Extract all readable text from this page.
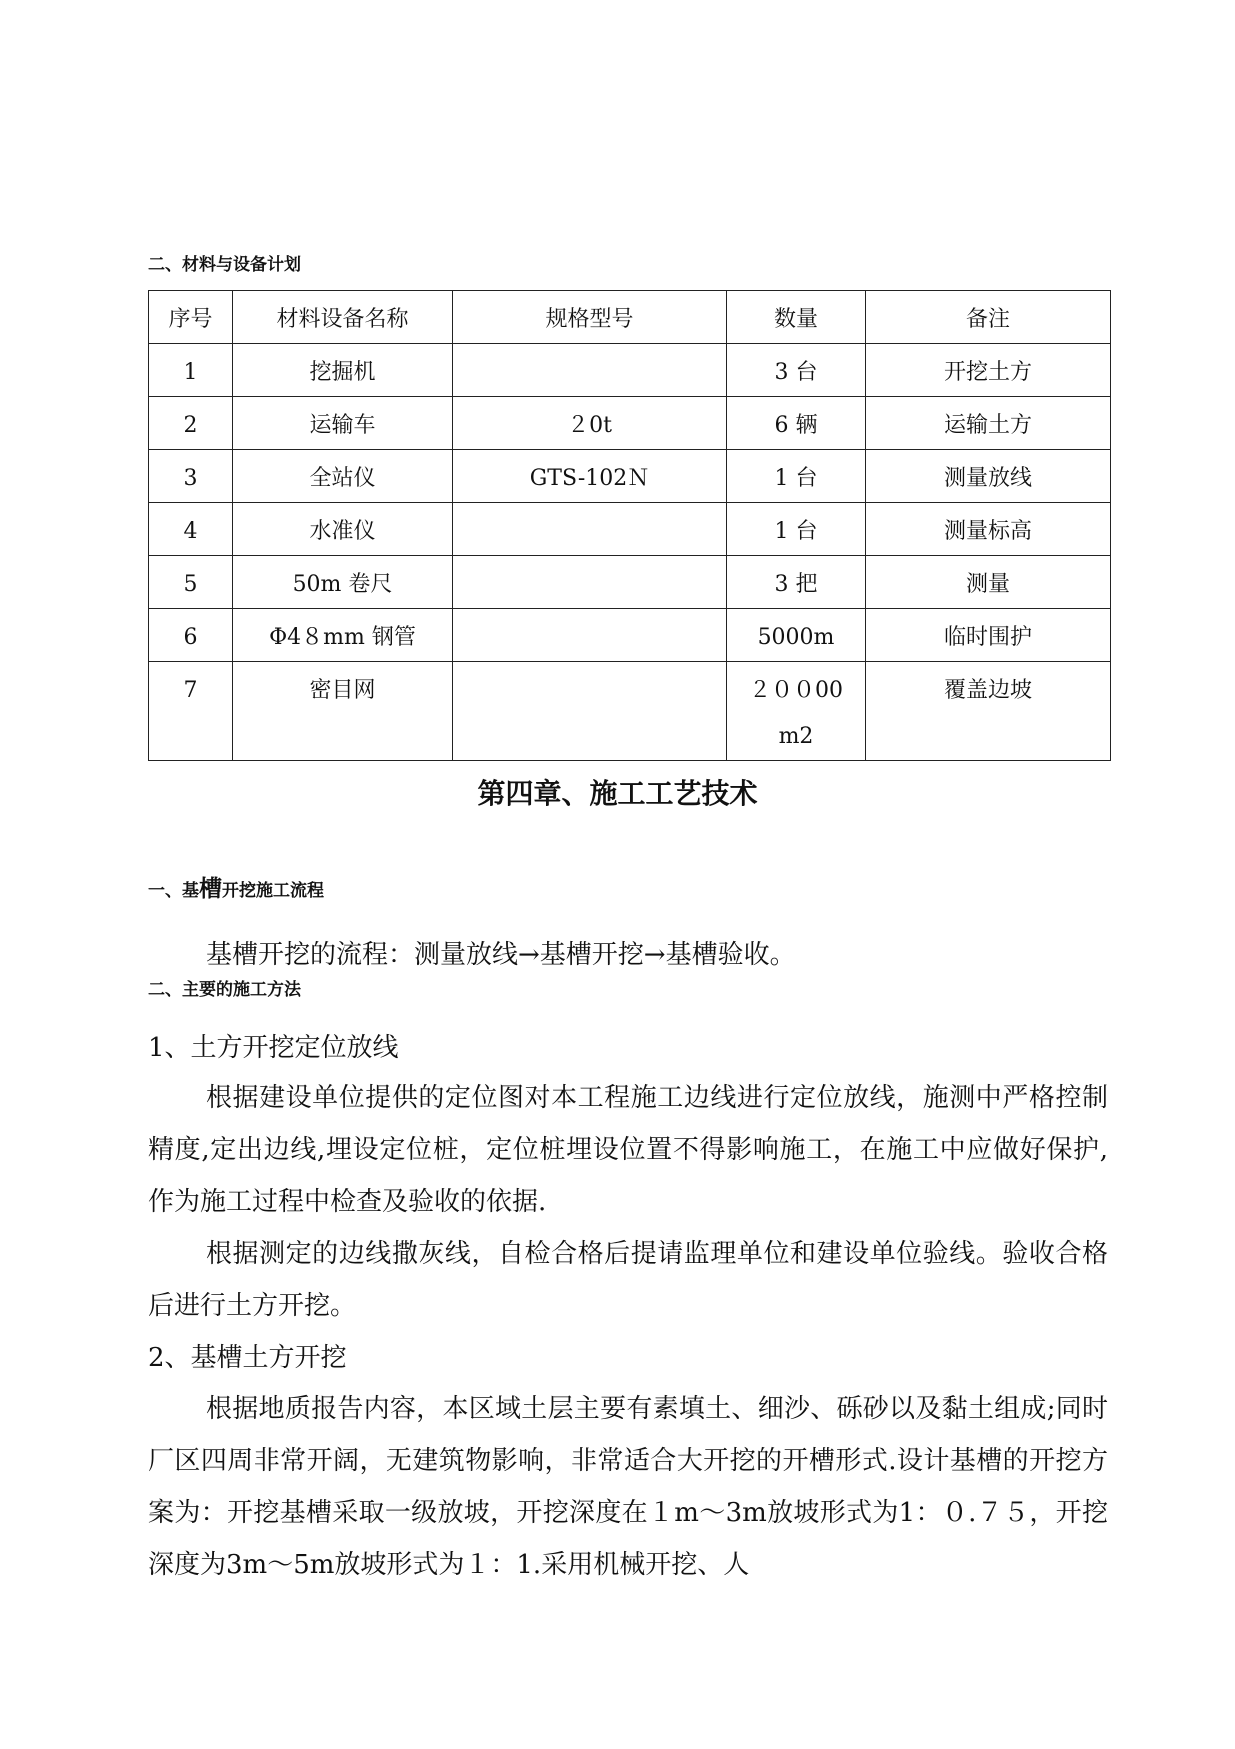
二、材料与设备计划
序号	材料设备名称	规格型号	数量	备注
1	挖掘机		3 台	开挖土方
2	运输车	２0t	6 辆	运输土方
3	全站仪	GTS-102Ｎ	1 台	测量放线
4	水准仪		1 台	测量标高
5	50m 卷尺		3 把	测量
6	Φ4８mm 钢管		5000m	临时围护
7	密目网		２００00m2	覆盖边坡
第四章、施工工艺技术
一、基槽开挖施工流程
基槽开挖的流程：测量放线→基槽开挖→基槽验收。
二、主要的施工方法
1、土方开挖定位放线
根据建设单位提供的定位图对本工程施工边线进行定位放线，施测中严格控制精度,定出边线,埋设定位桩，定位桩埋设位置不得影响施工，在施工中应做好保护,作为施工过程中检查及验收的依据.
根据测定的边线撒灰线，自检合格后提请监理单位和建设单位验线。验收合格后进行土方开挖。
2、基槽土方开挖
根据地质报告内容，本区域土层主要有素填土、细沙、砾砂以及黏土组成;同时厂区四周非常开阔，无建筑物影响，非常适合大开挖的开槽形式.设计基槽的开挖方案为：开挖基槽采取一级放坡，开挖深度在１m～3m放坡形式为1：０.７５，开挖深度为3m～5m放坡形式为１：1.采用机械开挖、人
